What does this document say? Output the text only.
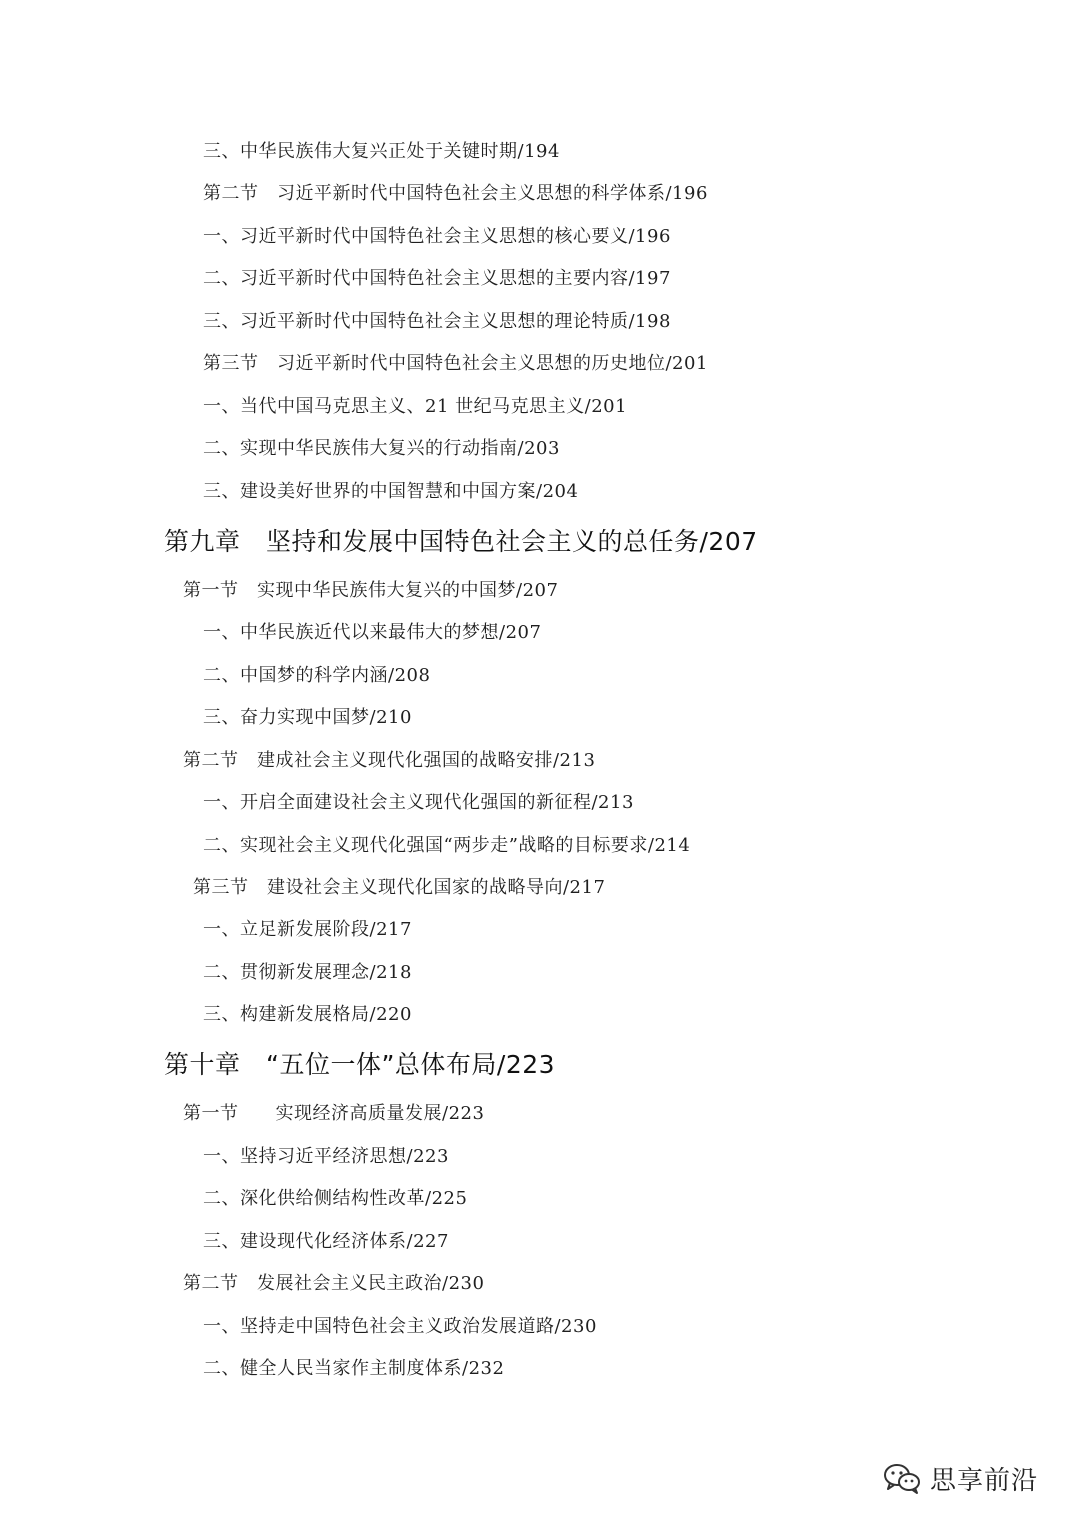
三、中华民族伟大复兴正处于关键时期/194
第二节　习近平新时代中国特色社会主义思想的科学体系/196
一、习近平新时代中国特色社会主义思想的核心要义/196
二、习近平新时代中国特色社会主义思想的主要内容/197
三、习近平新时代中国特色社会主义思想的理论特质/198
第三节　习近平新时代中国特色社会主义思想的历史地位/201
一、当代中国马克思主义、21 世纪马克思主义/201
二、实现中华民族伟大复兴的行动指南/203
三、建设美好世界的中国智慧和中国方案/204
第九章　坚持和发展中国特色社会主义的总任务/207
第一节　实现中华民族伟大复兴的中国梦/207
一、中华民族近代以来最伟大的梦想/207
二、中国梦的科学内涵/208
三、奋力实现中国梦/210
第二节　建成社会主义现代化强国的战略安排/213
一、开启全面建设社会主义现代化强国的新征程/213
二、实现社会主义现代化强国“两步走”战略的目标要求/214
第三节　建设社会主义现代化国家的战略导向/217
一、立足新发展阶段/217
二、贯彻新发展理念/218
三、构建新发展格局/220
第十章　“五位一体”总体布局/223
第一节　　实现经济高质量发展/223
一、坚持习近平经济思想/223
二、深化供给侧结构性改革/225
三、建设现代化经济体系/227
第二节　发展社会主义民主政治/230
一、坚持走中国特色社会主义政治发展道路/230
二、健全人民当家作主制度体系/232
思享前沿
